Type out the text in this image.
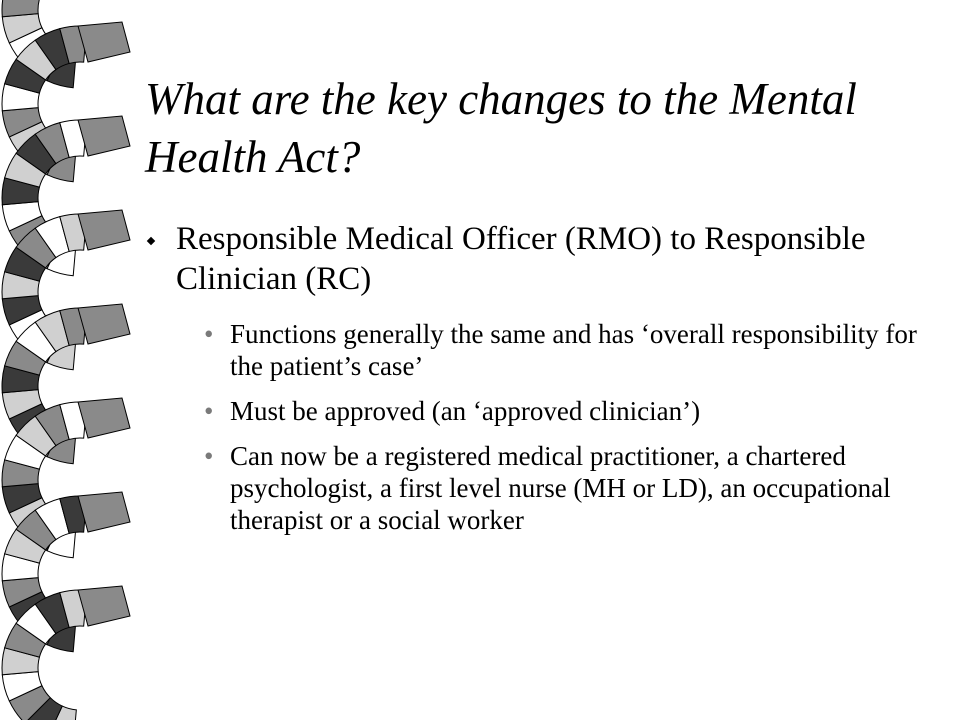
What are the key changes to the Mental Health Act?
Responsible Medical Officer (RMO) to Responsible Clinician (RC)
• Functions generally the same and has ‘overall responsibility for the patient’s case’
• Must be approved (an ‘approved clinician’)
• Can now be a registered medical practitioner, a chartered psychologist, a first level nurse (MH or LD), an occupational therapist or a social worker
